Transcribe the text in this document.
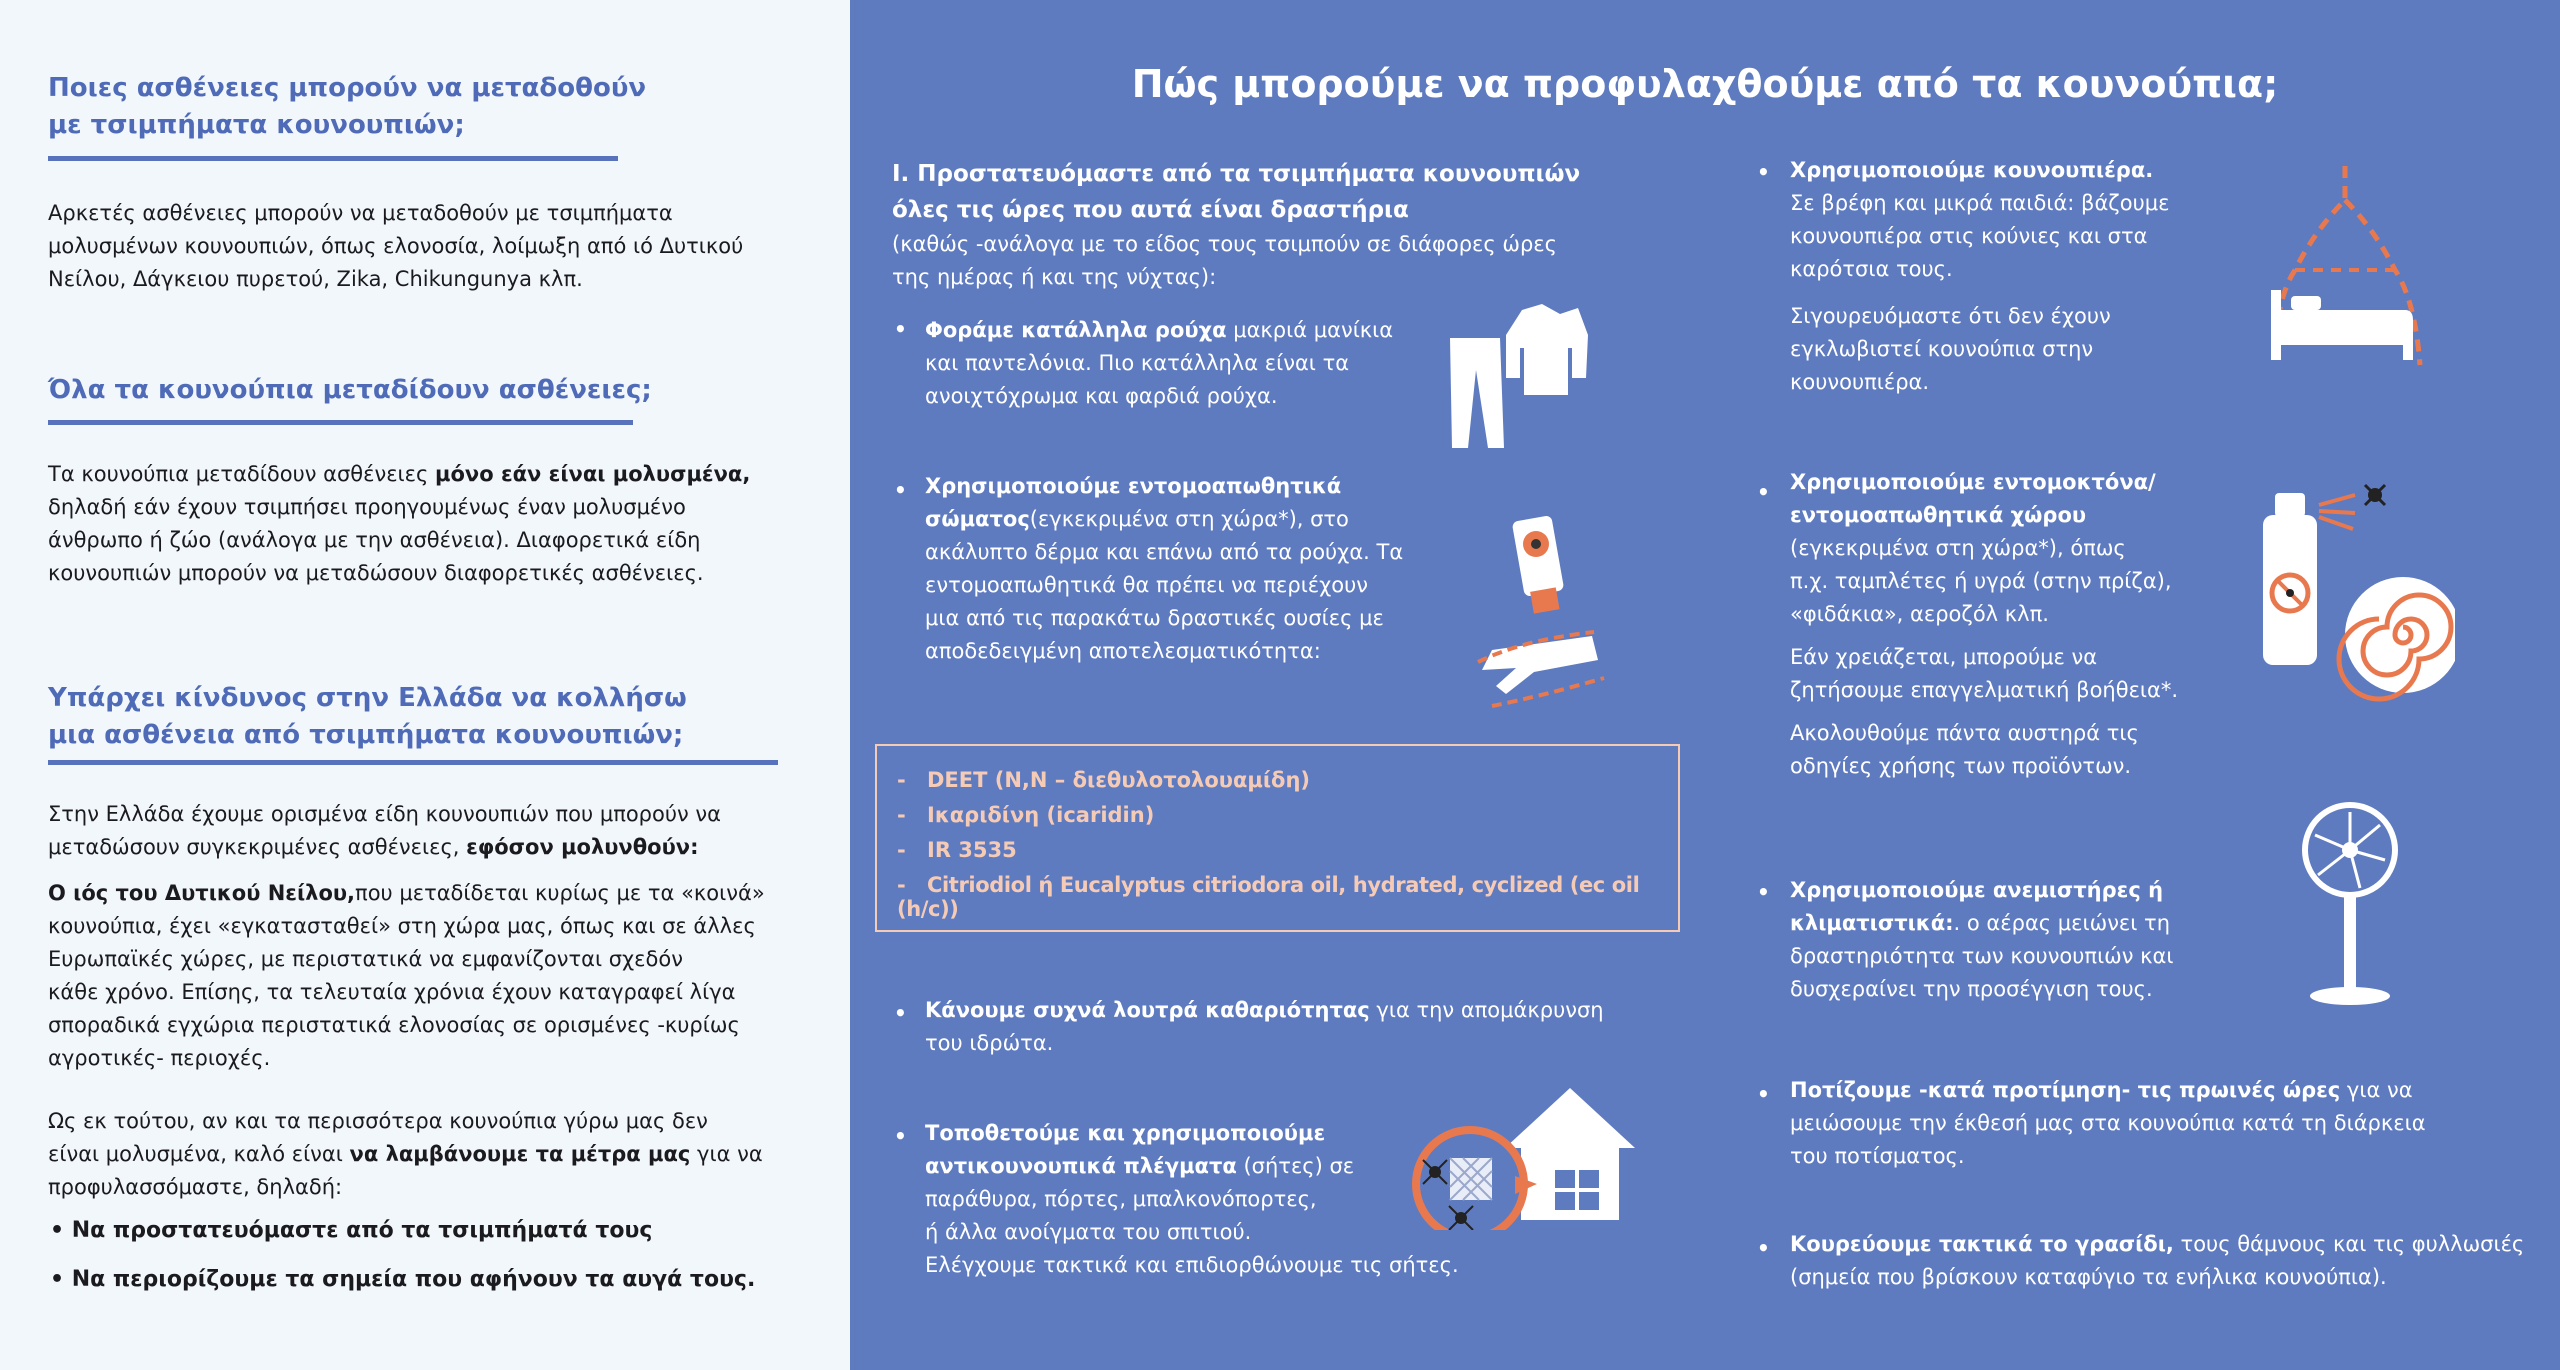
Ποιες ασθένειες μπορούν να μεταδοθούν
με τσιμπήματα κουνουπιών;
Αρκετές ασθένειες μπορούν να μεταδοθούν με τσιμπήματα
μολυσμένων κουνουπιών, όπως ελονοσία, λοίμωξη από ιό Δυτικού
Νείλου, Δάγκειου πυρετού, Zika, Chikungunya κλπ.
Όλα τα κουνούπια μεταδίδουν ασθένειες;
Τα κουνούπια μεταδίδουν ασθένειες μόνο εάν είναι μολυσμένα,
δηλαδή εάν έχουν τσιμπήσει προηγουμένως έναν μολυσμένο
άνθρωπο ή ζώο (ανάλογα με την ασθένεια). Διαφορετικά είδη
κουνουπιών μπορούν να μεταδώσουν διαφορετικές ασθένειες.
Υπάρχει κίνδυνος στην Ελλάδα να κολλήσω
μια ασθένεια από τσιμπήματα κουνουπιών;
Στην Ελλάδα έχουμε ορισμένα είδη κουνουπιών που μπορούν να
μεταδώσουν συγκεκριμένες ασθένειες, εφόσον μολυνθούν:
Ο ιός του Δυτικού Νείλου,που μεταδίδεται κυρίως με τα «κοινά»
κουνούπια, έχει «εγκατασταθεί» στη χώρα μας, όπως και σε άλλες
Ευρωπαϊκές χώρες, με περιστατικά να εμφανίζονται σχεδόν
κάθε χρόνο. Επίσης, τα τελευταία χρόνια έχουν καταγραφεί λίγα
σποραδικά εγχώρια περιστατικά ελονοσίας σε ορισμένες -κυρίως
αγροτικές- περιοχές.
Ως εκ τούτου, αν και τα περισσότερα κουνούπια γύρω μας δεν
είναι μολυσμένα, καλό είναι να λαμβάνουμε τα μέτρα μας για να
προφυλασσόμαστε, δηλαδή:
• Να προστατευόμαστε από τα τσιμπήματά τους
• Να περιορίζουμε τα σημεία που αφήνουν τα αυγά τους.
Πώς μπορούμε να προφυλαχθούμε από τα κουνούπια;
Ι. Προστατευόμαστε από τα τσιμπήματα κουνουπιών
όλες τις ώρες που αυτά είναι δραστήρια
(καθώς -ανάλογα με το είδος τους τσιμπούν σε διάφορες ώρες
της ημέρας ή και της νύχτας):
• Φοράμε κατάλληλα ρούχα μακριά μανίκια
και παντελόνια. Πιο κατάλληλα είναι τα
ανοιχτόχρωμα και φαρδιά ρούχα.
• Χρησιμοποιούμε εντομοαπωθητικά
σώματος(εγκεκριμένα στη χώρα*), στο
ακάλυπτο δέρμα και επάνω από τα ρούχα. Τα
εντομοαπωθητικά θα πρέπει να περιέχουν
μια από τις παρακάτω δραστικές ουσίες με
αποδεδειγμένη αποτελεσματικότητα:
- DEET (N,N – διεθυλοτολουαμίδη)
- Ικαριδίνη (icaridin)
- IR 3535
- Citriodiol ή Eucalyptus citriodora oil, hydrated, cyclized (ec oil (h/c))
• Κάνουμε συχνά λουτρά καθαριότητας για την απομάκρυνση
του ιδρώτα.
• Τοποθετούμε και χρησιμοποιούμε
αντικουνουπικά πλέγματα (σήτες) σε
παράθυρα, πόρτες, μπαλκονόπορτες,
ή άλλα ανοίγματα του σπιτιού.
Ελέγχουμε τακτικά και επιδιορθώνουμε τις σήτες.
• Χρησιμοποιούμε κουνουπιέρα.
Σε βρέφη και μικρά παιδιά: βάζουμε
κουνουπιέρα στις κούνιες και στα
καρότσια τους.
Σιγουρευόμαστε ότι δεν έχουν
εγκλωβιστεί κουνούπια στην
κουνουπιέρα.
• Χρησιμοποιούμε εντομοκτόνα/
εντομοαπωθητικά χώρου
(εγκεκριμένα στη χώρα*), όπως
π.χ. ταμπλέτες ή υγρά (στην πρίζα),
«φιδάκια», αεροζόλ κλπ.
Εάν χρειάζεται, μπορούμε να
ζητήσουμε επαγγελματική βοήθεια*.
Ακολουθούμε πάντα αυστηρά τις
οδηγίες χρήσης των προϊόντων.
• Χρησιμοποιούμε ανεμιστήρες ή
κλιματιστικά:. ο αέρας μειώνει τη
δραστηριότητα των κουνουπιών και
δυσχεραίνει την προσέγγιση τους.
• Ποτίζουμε -κατά προτίμηση- τις πρωινές ώρες για να
μειώσουμε την έκθεσή μας στα κουνούπια κατά τη διάρκεια
του ποτίσματος.
• Κουρεύουμε τακτικά το γρασίδι, τους θάμνους και τις φυλλωσιές
(σημεία που βρίσκουν καταφύγιο τα ενήλικα κουνούπια).
